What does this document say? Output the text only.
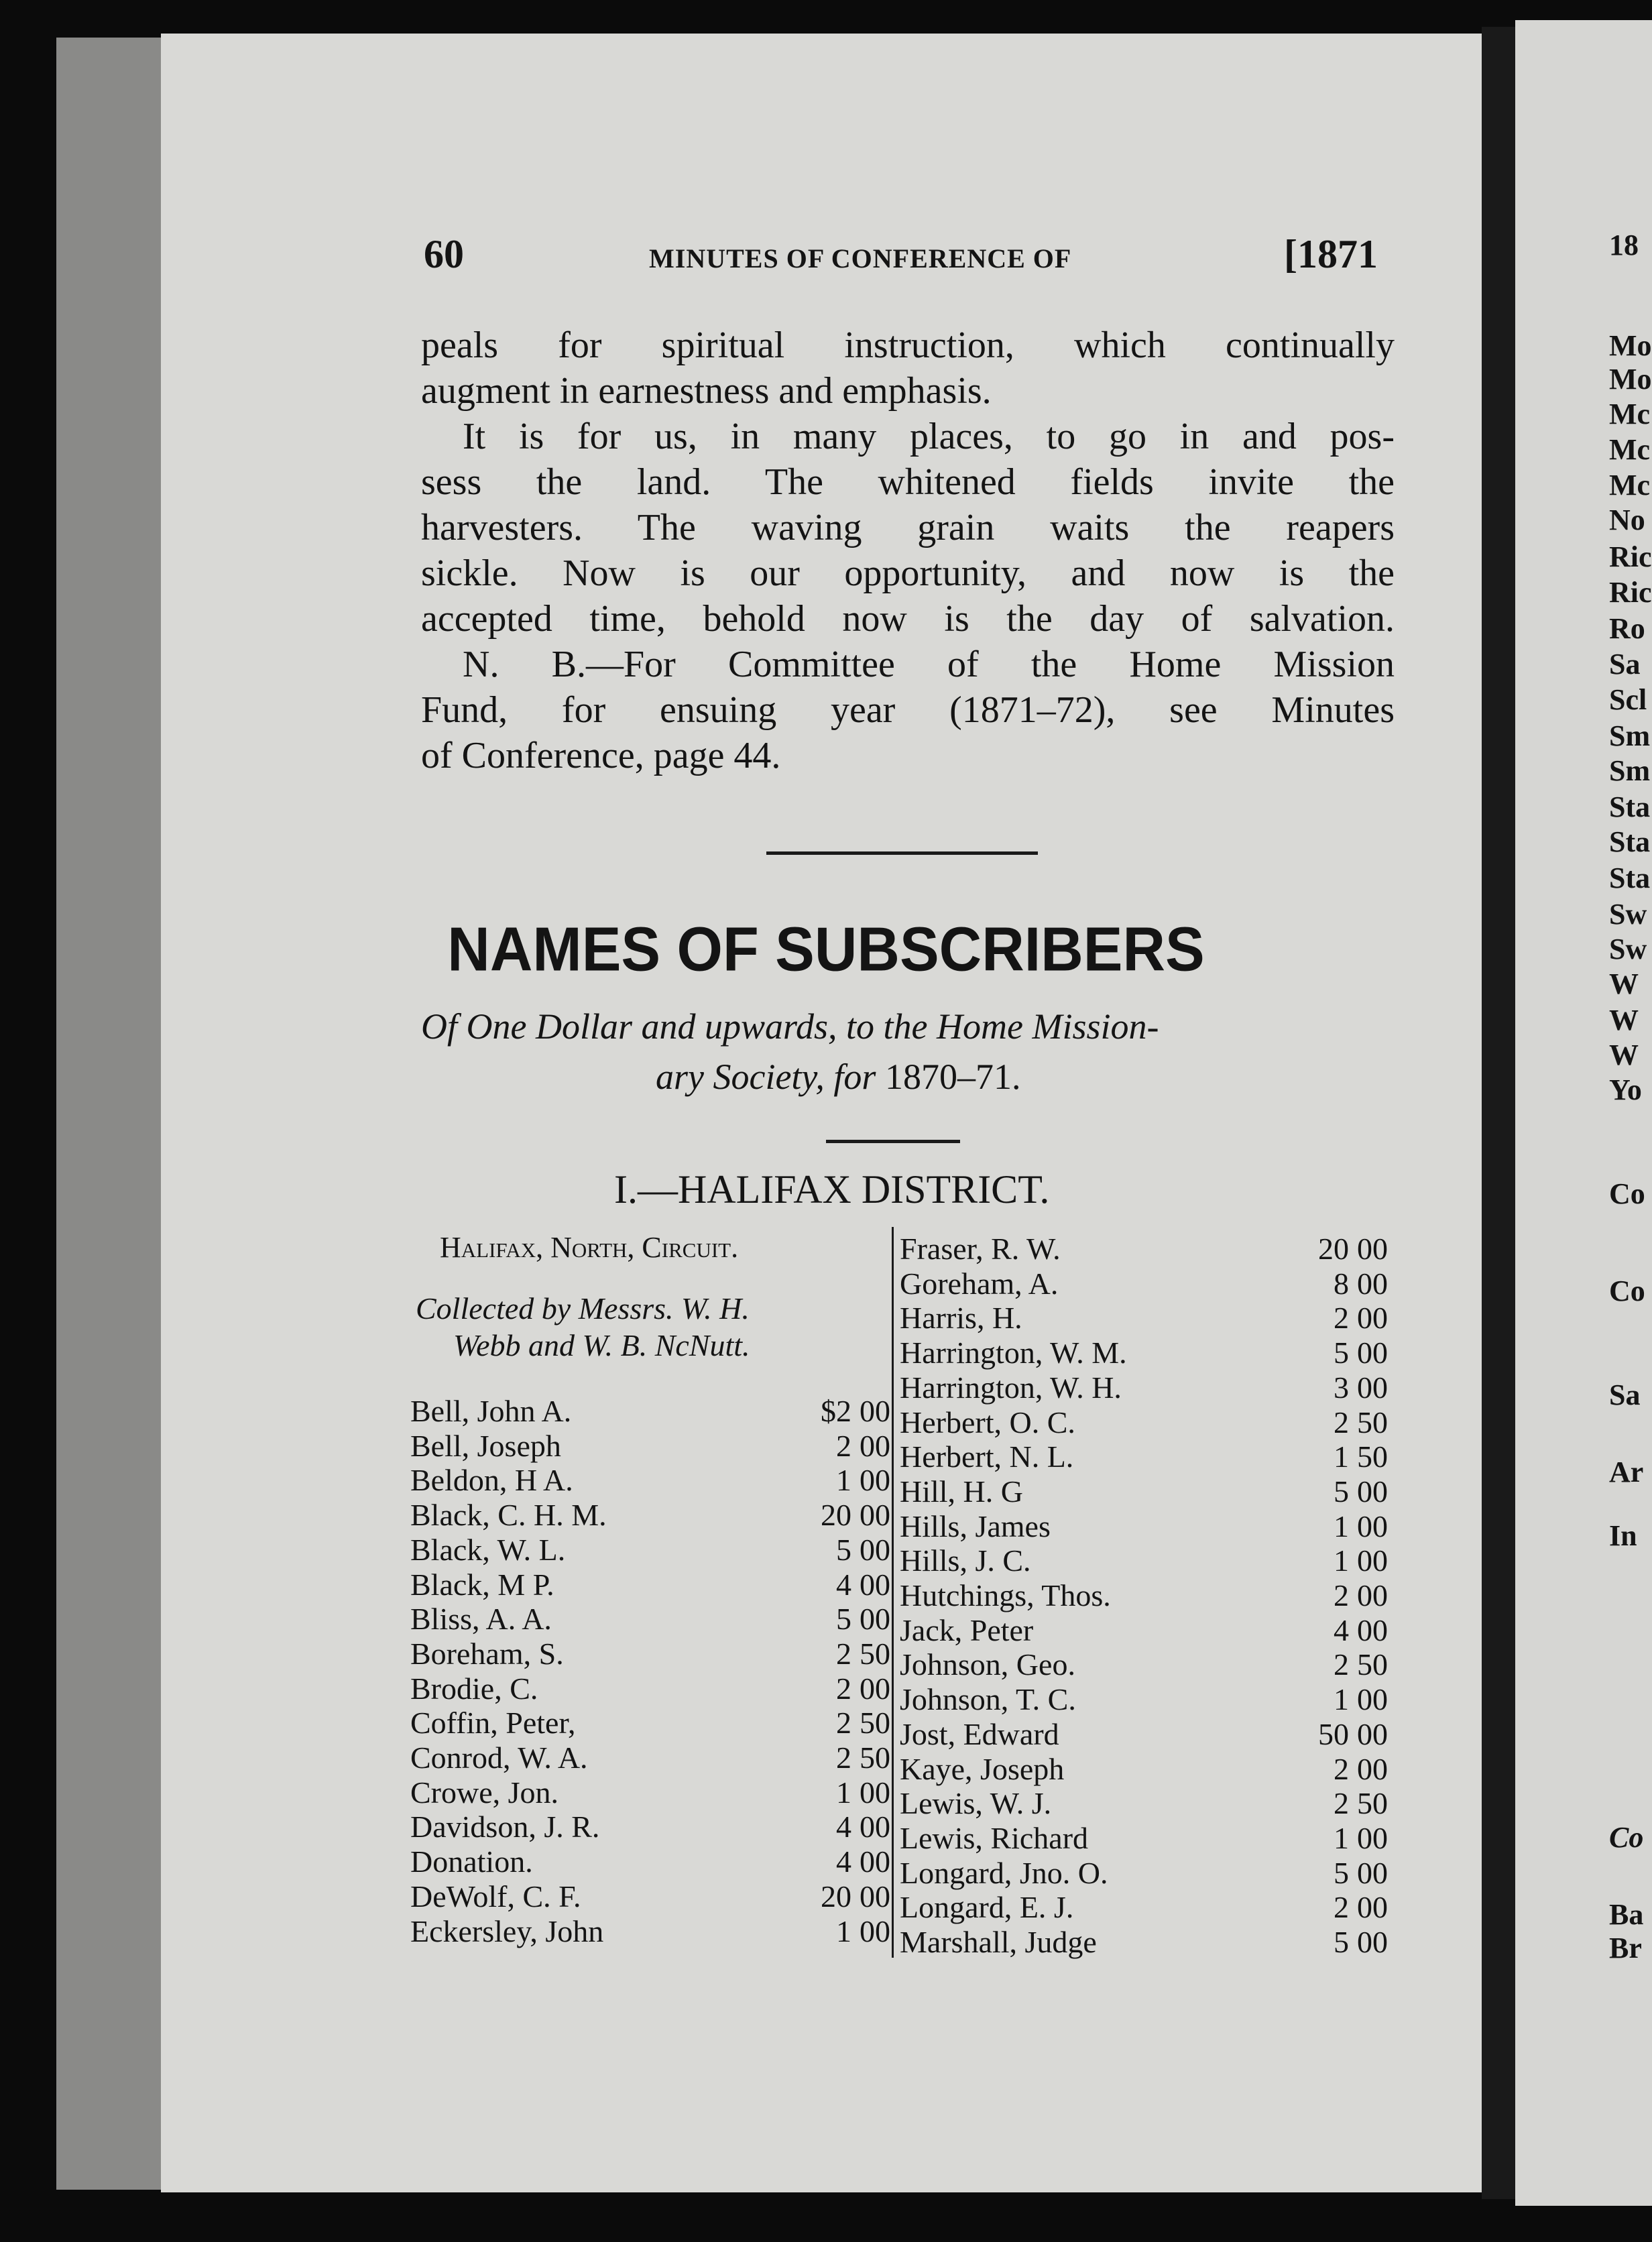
18
Mo
Mo
Mc
Mc
Mc
No
Ric
Ric
Ro
Sa
Scl
Sm
Sm
Sta
Sta
Sta
Sw
Sw
W
W
W
Yo
Co
Co
Sa
Ar
In
Co
Ba
Br
60	MINUTES OF CONFERENCE OF	[1871
peals for spiritual instruction, which continually
augment in earnestness and emphasis.
It is for us, in many places, to go in and pos-
sess the land. The whitened fields invite the
harvesters. The waving grain waits the reapers
sickle. Now is our opportunity, and now is the
accepted time, behold now is the day of salvation.
N. B.—For Committee of the Home Mission
Fund, for ensuing year (1871–72), see Minutes
of Conference, page 44.
NAMES OF SUBSCRIBERS
Of One Dollar and upwards, to the Home Mission-
ary Society, for 1870–71.
I.—HALIFAX DISTRICT.
Halifax, North, Circuit.
Collected by Messrs. W. H.
Webb and W. B. NcNutt.
Bell, John A.	$2 00
Bell, Joseph	2 00
Beldon, H A.	1 00
Black, C. H. M.	20 00
Black, W. L.	5 00
Black, M P.	4 00
Bliss, A. A.	5 00
Boreham, S.	2 50
Brodie, C.	2 00
Coffin, Peter,	2 50
Conrod, W. A.	2 50
Crowe, Jon.	1 00
Davidson, J. R.	4 00
Donation.	4 00
DeWolf, C. F.	20 00
Eckersley, John	1 00
Fraser, R. W.	20 00
Goreham, A.	8 00
Harris, H.	2 00
Harrington, W. M.	5 00
Harrington, W. H.	3 00
Herbert, O. C.	2 50
Herbert, N. L.	1 50
Hill, H. G	5 00
Hills, James	1 00
Hills, J. C.	1 00
Hutchings, Thos.	2 00
Jack, Peter	4 00
Johnson, Geo.	2 50
Johnson, T. C.	1 00
Jost, Edward	50 00
Kaye, Joseph	2 00
Lewis, W. J.	2 50
Lewis, Richard	1 00
Longard, Jno. O.	5 00
Longard, E. J.	2 00
Marshall, Judge	5 00
